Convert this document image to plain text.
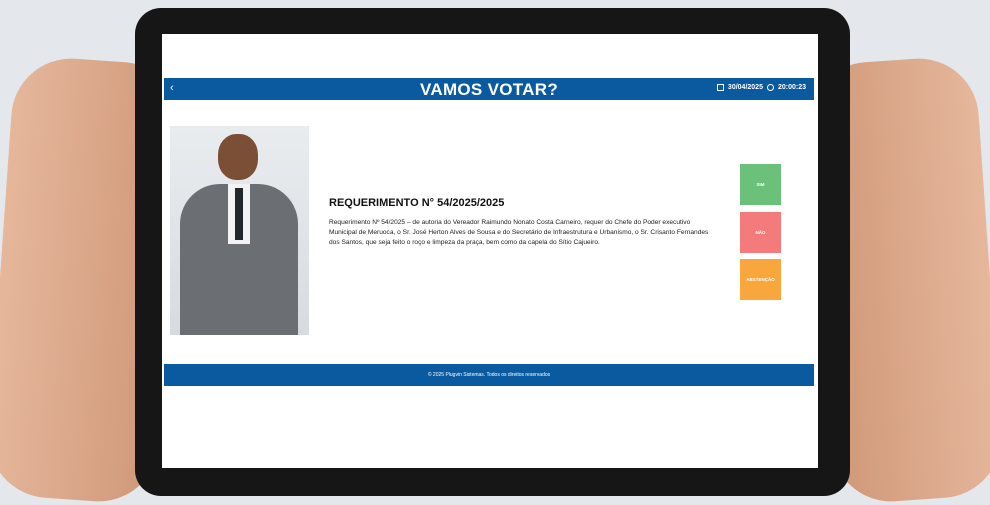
‹	VAMOS VOTAR?	30/04/2025 20:00:23
REQUERIMENTO N° 54/2025/2025
Requerimento Nº 54/2025 – de autoria do Vereador Raimundo Nonato Costa Carneiro, requer do Chefe do Poder executivo Municipal de Meruoca, o Sr. José Herton Alves de Sousa e do Secretário de Infraestrutura e Urbanismo, o Sr. Crisanto Fernandes dos Santos, que seja feito o roço e limpeza da praça, bem como da capela do Sítio Cajueiro.
SIM
NÃO
ABSTENÇÃO
© 2025 Plugvin Sistemas. Todos os direitos reservados
